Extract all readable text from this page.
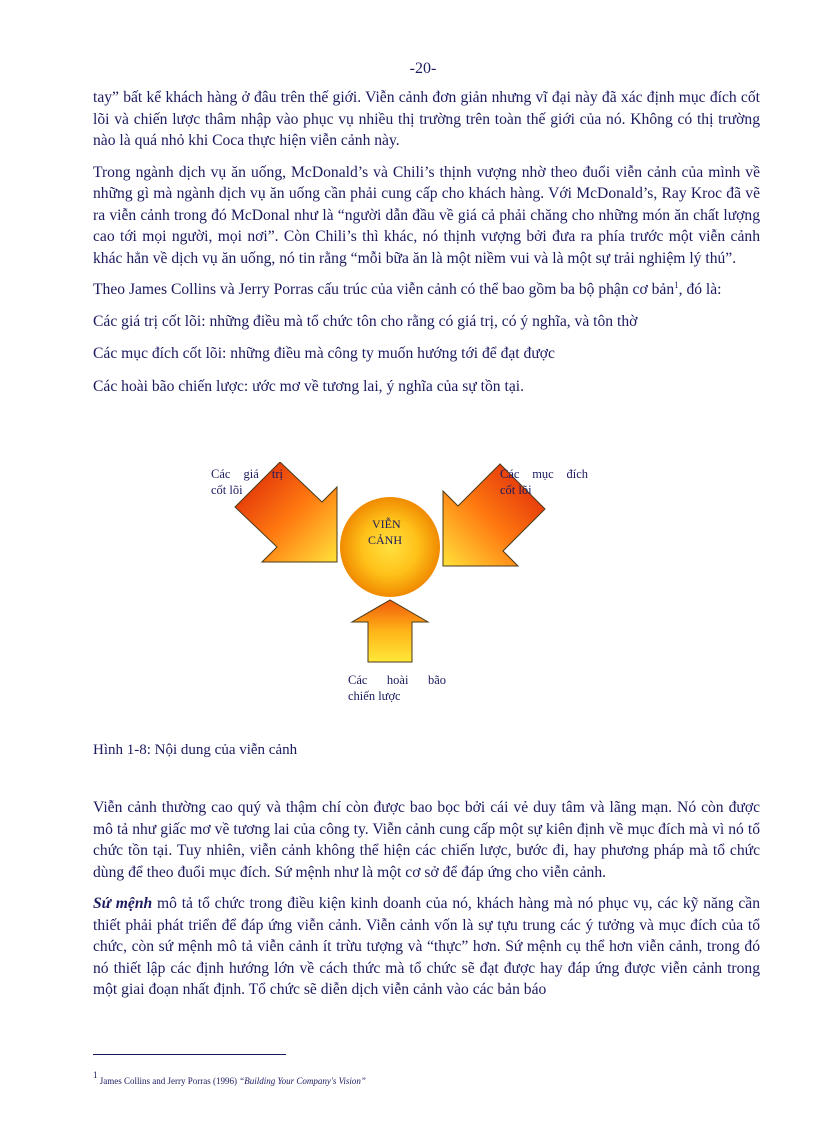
-20-

tay” bất kể khách hàng ở đâu trên thế giới. Viễn cảnh đơn giản nhưng vĩ đại này đã xác định mục đích cốt lõi và chiến lược thâm nhập vào phục vụ nhiều thị trường trên toàn thế giới của nó. Không có thị trường nào là quá nhỏ khi Coca thực hiện viễn cảnh này.

Trong ngành dịch vụ ăn uống, McDonald’s và Chili’s thịnh vượng nhờ theo đuổi viễn cảnh của mình về những gì mà ngành dịch vụ ăn uống cần phải cung cấp cho khách hàng. Với McDonald’s, Ray Kroc đã vẽ ra viễn cảnh trong đó McDonal như là “người dẫn đầu về giá cả phải chăng cho những món ăn chất lượng cao tới mọi người, mọi nơi”. Còn Chili’s thì khác, nó thịnh vượng bởi đưa ra phía trước một viễn cảnh khác hẳn về dịch vụ ăn uống, nó tin rằng “mỗi bữa ăn là một niềm vui và là một sự trải nghiệm lý thú”.

Theo James Collins và Jerry Porras cấu trúc của viễn cảnh có thể bao gồm ba bộ phận cơ bản$^1$, đó là:

Các giá trị cốt lõi: những điều mà tổ chức tôn cho rằng có giá trị, có ý nghĩa, và tôn thờ

Các mục đích cốt lõi: những điều mà công ty muốn hướng tới để đạt được

Các hoài bão chiến lược: ước mơ về tương lai, ý nghĩa của sự tồn tại.

VIỄN
CẢNH
Các giá trị
cốt lõi
Các mục đích
cốt lõi
Các hoài bão
chiến lược
Hình 1-8: Nội dung của viễn cảnh

Viễn cảnh thường cao quý và thậm chí còn được bao bọc bởi cái vẻ duy tâm và lãng mạn. Nó còn được mô tả như giấc mơ về tương lai của công ty. Viễn cảnh cung cấp một sự kiên định về mục đích mà vì nó tổ chức tồn tại. Tuy nhiên, viễn cảnh không thể hiện các chiến lược, bước đi, hay phương pháp mà tổ chức dùng để theo đuổi mục đích. Sứ mệnh như là một cơ sở để đáp ứng cho viễn cảnh.

Sứ mệnh mô tả tổ chức trong điều kiện kinh doanh của nó, khách hàng mà nó phục vụ, các kỹ năng cần thiết phải phát triển để đáp ứng viễn cảnh. Viễn cảnh vốn là sự tựu trung các ý tưởng và mục đích của tổ chức, còn sứ mệnh mô tả viễn cảnh ít trừu tượng và “thực” hơn. Sứ mệnh cụ thể hơn viễn cảnh, trong đó nó thiết lập các định hướng lớn về cách thức mà tổ chức sẽ đạt được hay đáp ứng được viễn cảnh trong một giai đoạn nhất định. Tổ chức sẽ diễn dịch viễn cảnh vào các bản báo

$^1$ James Collins and Jerry Porras (1996) “Building Your Company's Vision”
